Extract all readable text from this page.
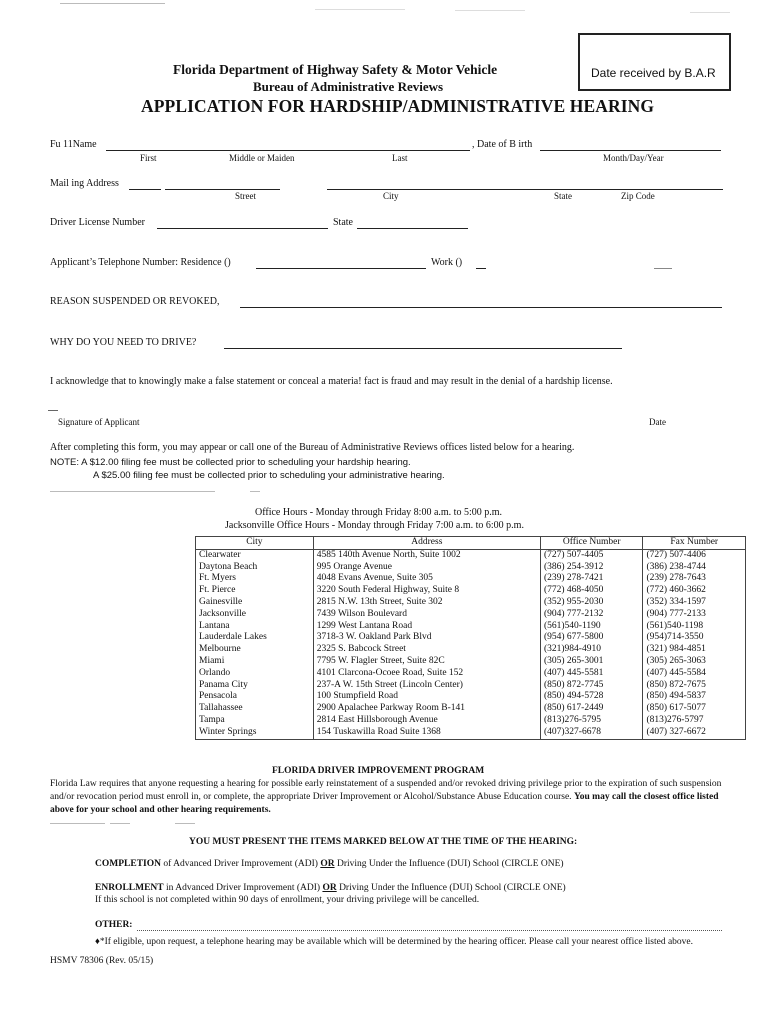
Date received by B.A.R
Florida Department of Highway Safety & Motor Vehicle
Bureau of Administrative Reviews
APPLICATION FOR HARDSHIP/ADMINISTRATIVE HEARING
Fu 11Name	, Date of B irth
First	Middle or Maiden	Last	Month/Day/Year
Mail ing Address
Street	City	State	Zip Code
Driver License Number	State
Applicant’s Telephone Number: Residence ()	Work ()
REASON SUSPENDED OR REVOKED,
WHY DO YOU NEED TO DRIVE?
I acknowledge that to knowingly make a false statement or conceal a materia! fact is fraud and may result in the denial of a hardship license.
Signature of Applicant	Date
After completing this form, you may appear or call one of the Bureau of Administrative Reviews offices listed below for a hearing.
NOTE: A $12.00 filing fee must be collected prior to scheduling your hardship hearing.
A $25.00 filing fee must be collected prior to scheduling your administrative hearing.
Office Hours - Monday through Friday 8:00 a.m. to 5:00 p.m.
Jacksonville Office Hours - Monday through Friday 7:00 a.m. to 6:00 p.m.
City	Address	Office Number	Fax Number
Clearwater	4585 140th Avenue North, Suite 1002	(727) 507-4405	(727) 507-4406
Daytona Beach	995 Orange Avenue	(386) 254-3912	(386) 238-4744
Ft. Myers	4048 Evans Avenue, Suite 305	(239) 278-7421	(239) 278-7643
Ft. Pierce	3220 South Federal Highway, Suite 8	(772) 468-4050	(772) 460-3662
Gainesville	2815 N.W. 13th Street, Suite 302	(352) 955-2030	(352) 334-1597
Jacksonville	7439 Wilson Boulevard	(904) 777-2132	(904) 777-2133
Lantana	1299 West Lantana Road	(561)540-1190	(561)540-1198
Lauderdale Lakes	3718-3 W. Oakland Park Blvd	(954) 677-5800	(954)714-3550
Melbourne	2325 S. Babcock Street	(321)984-4910	(321) 984-4851
Miami	7795 W. Flagler Street, Suite 82C	(305) 265-3001	(305) 265-3063
Orlando	4101 Clarcona-Ocoee Road, Suite 152	(407) 445-5581	(407) 445-5584
Panama City	237-A W. 15th Street (Lincoln Center)	(850) 872-7745	(850) 872-7675
Pensacola	100 Stumpfield Road	(850) 494-5728	(850) 494-5837
Tallahassee	2900 Apalachee Parkway Room B-141	(850) 617-2449	(850) 617-5077
Tampa	2814 East Hillsborough Avenue	(813)276-5795	(813)276-5797
Winter Springs	154 Tuskawilla Road Suite 1368	(407)327-6678	(407) 327-6672
FLORIDA DRIVER IMPROVEMENT PROGRAM
Florida Law requires that anyone requesting a hearing for possible early reinstatement of a suspended and/or revoked driving privilege prior to the expiration of such suspension and/or revocation period must enroll in, or complete, the appropriate Driver Improvement or Alcohol/Substance Abuse Education course. You may call the closest office listed above for your school and other hearing requirements.
YOU MUST PRESENT THE ITEMS MARKED BELOW AT THE TIME OF THE HEARING:
COMPLETION of Advanced Driver Improvement (ADI) OR Driving Under the Influence (DUI) School (CIRCLE ONE)
ENROLLMENT in Advanced Driver Improvement (ADI) OR Driving Under the Influence (DUI) School (CIRCLE ONE)
If this school is not completed within 90 days of enrollment, your driving privilege will be cancelled.
OTHER:
♦*If eligible, upon request, a telephone hearing may be available which will be determined by the hearing officer. Please call your nearest office listed above.
HSMV 78306 (Rev. 05/15)
